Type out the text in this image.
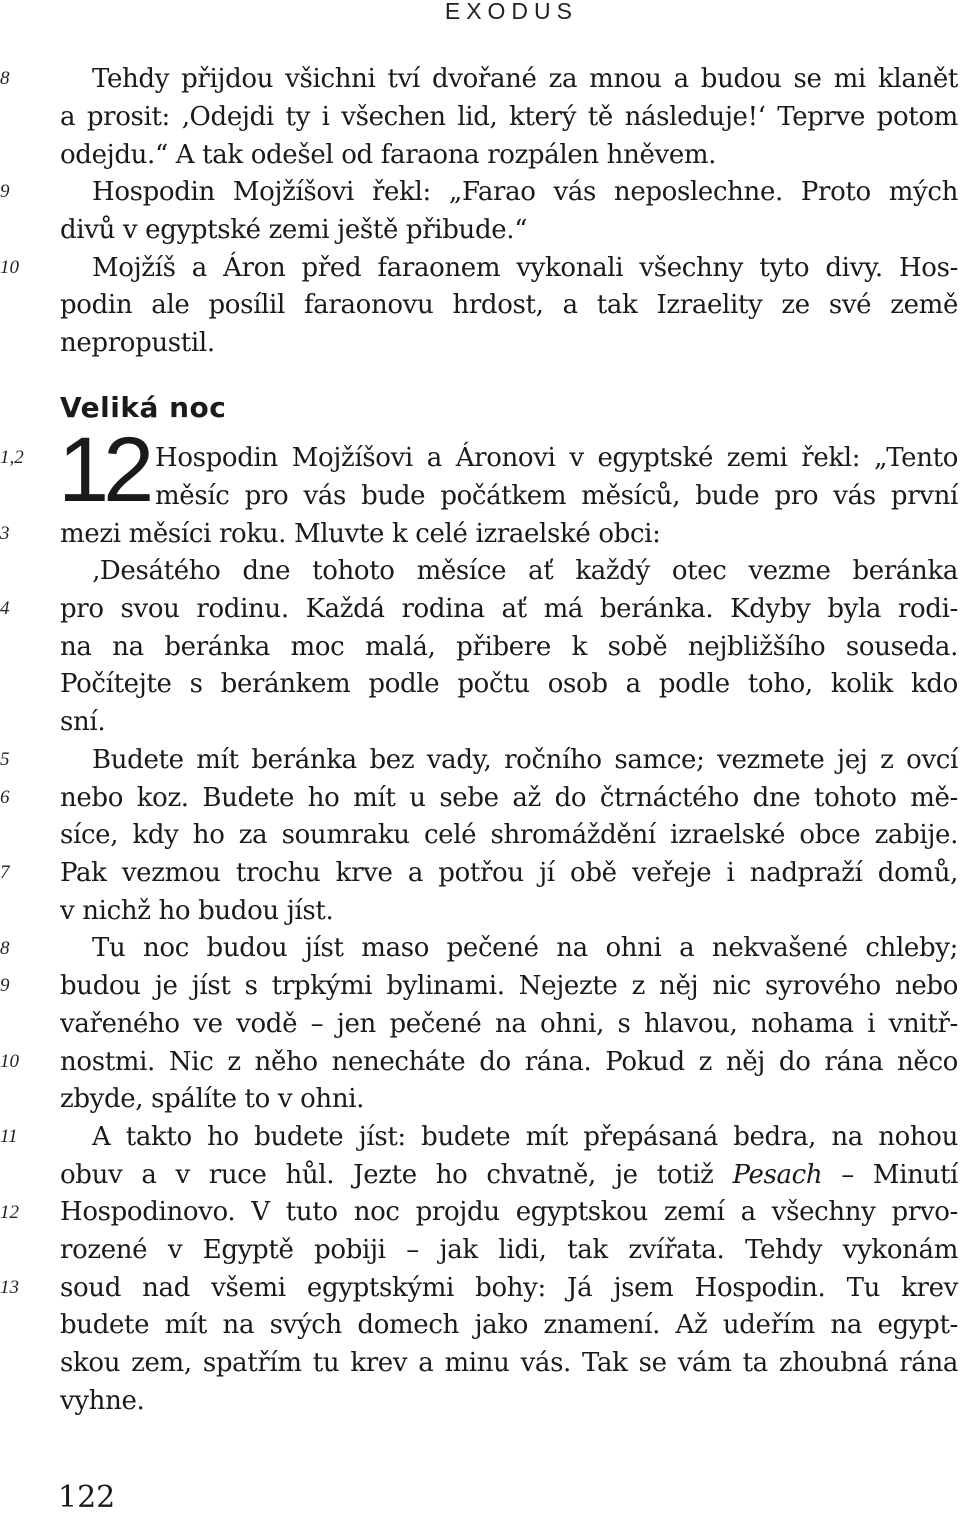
EXODUS
8
9
10
1,2
3
4
5
6
7
8
9
10
11
12
13
Tehdy přijdou všichni tví dvořané za mnou a budou se mi klanět
a prosit: ‚Odejdi ty i všechen lid, který tě následuje!‘ Teprve potom
odejdu.“ A tak odešel od faraona rozpálen hněvem.
Hospodin Mojžíšovi řekl: „Farao vás neposlechne. Proto mých
divů v egyptské zemi ještě přibude.“
Mojžíš a Áron před faraonem vykonali všechny tyto divy. Hos-
podin ale posílil faraonovu hrdost, a tak Izraelity ze své země
nepropustil.
Veliká noc
12 Hospodin Mojžíšovi a Áronovi v egyptské zemi řekl: „Tento
měsíc pro vás bude počátkem měsíců, bude pro vás první
mezi měsíci roku. Mluvte k celé izraelské obci:
‚Desátého dne tohoto měsíce ať každý otec vezme beránka
pro svou rodinu. Každá rodina ať má beránka. Kdyby byla rodi-
na na beránka moc malá, přibere k sobě nejbližšího souseda.
Počítejte s beránkem podle počtu osob a podle toho, kolik kdo
sní.
Budete mít beránka bez vady, ročního samce; vezmete jej z ovcí
nebo koz. Budete ho mít u sebe až do čtrnáctého dne tohoto mě-
síce, kdy ho za soumraku celé shromáždění izraelské obce zabije.
Pak vezmou trochu krve a potřou jí obě veřeje i nadpraží domů,
v nichž ho budou jíst.
Tu noc budou jíst maso pečené na ohni a nekvašené chleby;
budou je jíst s trpkými bylinami. Nejezte z něj nic syrového nebo
vařeného ve vodě – jen pečené na ohni, s hlavou, nohama i vnitř-
nostmi. Nic z něho nenecháte do rána. Pokud z něj do rána něco
zbyde, spálíte to v ohni.
A takto ho budete jíst: budete mít přepásaná bedra, na nohou
obuv a v ruce hůl. Jezte ho chvatně, je totiž Pesach – Minutí
Hospodinovo. V tuto noc projdu egyptskou zemí a všechny prvo-
rozené v Egyptě pobiji – jak lidi, tak zvířata. Tehdy vykonám
soud nad všemi egyptskými bohy: Já jsem Hospodin. Tu krev
budete mít na svých domech jako znamení. Až udeřím na egypt-
skou zem, spatřím tu krev a minu vás. Tak se vám ta zhoubná rána
vyhne.
122
